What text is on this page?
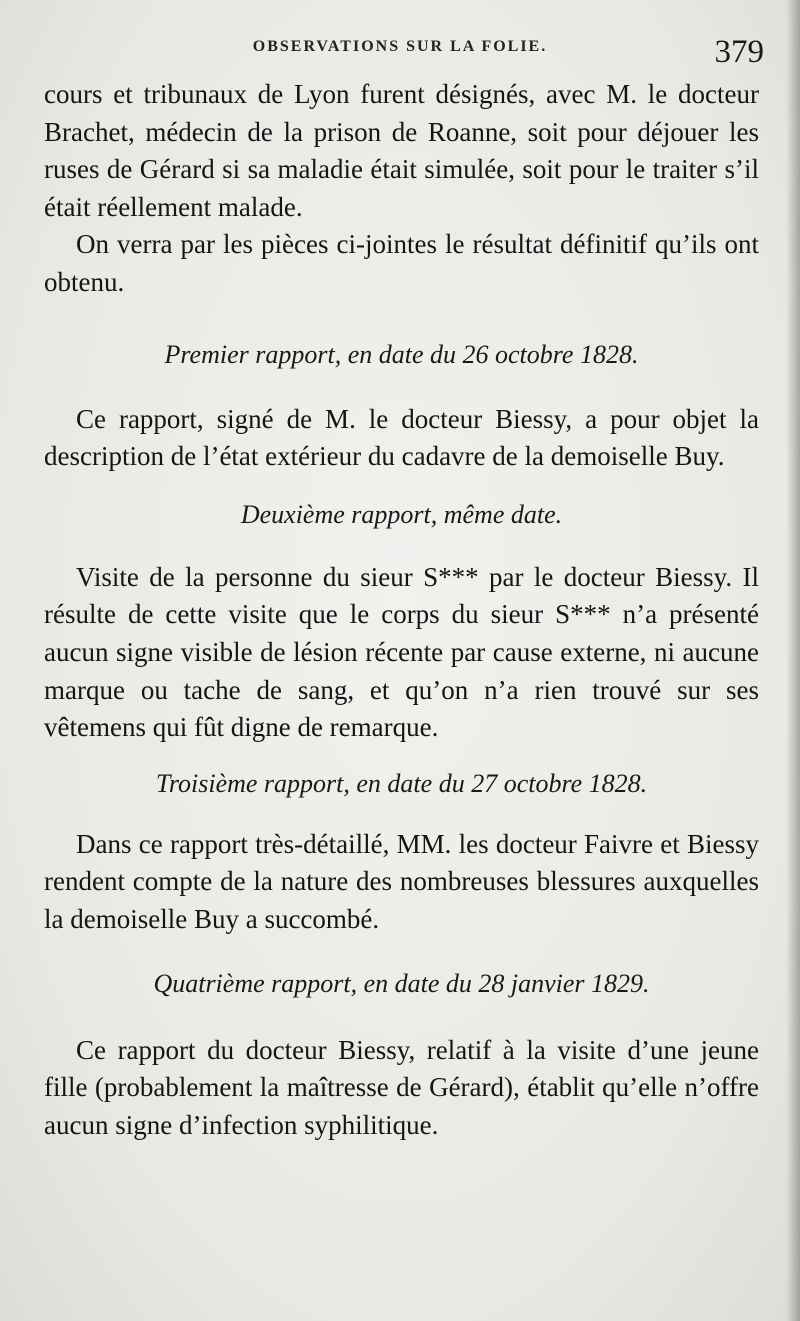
OBSERVATIONS SUR LA FOLIE.	379

cours et tribunaux de Lyon furent désignés, avec M. le docteur Brachet, médecin de la prison de Roanne, soit pour déjouer les ruses de Gérard si sa maladie était simulée, soit pour le traiter s’il était réellement malade.

On verra par les pièces ci-jointes le résultat définitif qu’ils ont obtenu.

Premier rapport, en date du 26 octobre 1828.

Ce rapport, signé de M. le docteur Biessy, a pour objet la description de l’état extérieur du cadavre de la demoiselle Buy.

Deuxième rapport, même date.

Visite de la personne du sieur S*** par le docteur Biessy. Il résulte de cette visite que le corps du sieur S*** n’a présenté aucun signe visible de lésion récente par cause externe, ni aucune marque ou tache de sang, et qu’on n’a rien trouvé sur ses vêtemens qui fût digne de remarque.

Troisième rapport, en date du 27 octobre 1828.

Dans ce rapport très-détaillé, MM. les docteur Faivre et Biessy rendent compte de la nature des nombreuses blessures auxquelles la demoiselle Buy a succombé.

Quatrième rapport, en date du 28 janvier 1829.

Ce rapport du docteur Biessy, relatif à la visite d’une jeune fille (probablement la maîtresse de Gérard), établit qu’elle n’offre aucun signe d’infection syphilitique.
